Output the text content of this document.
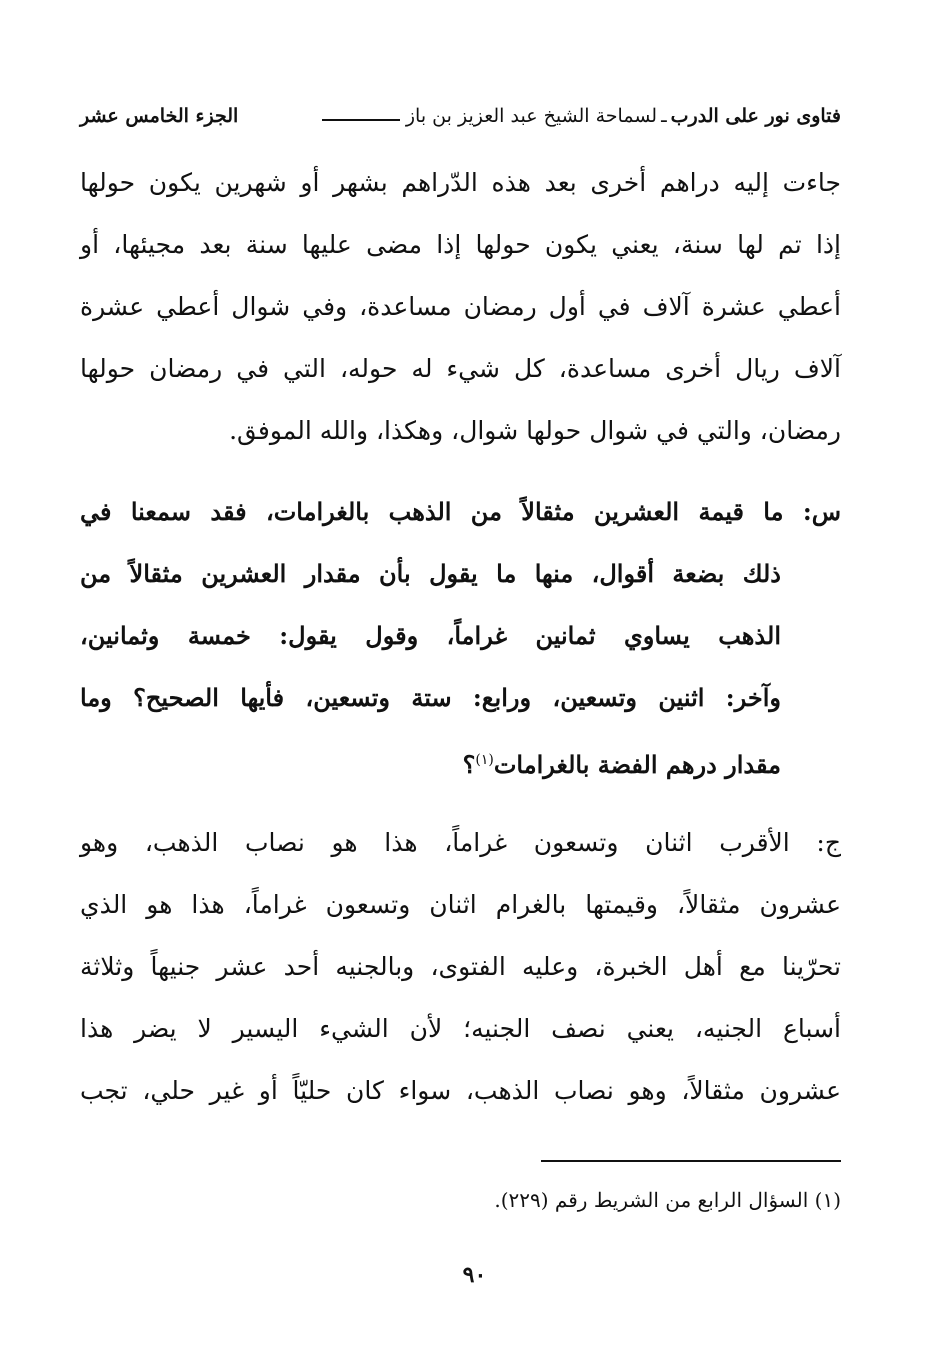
فتاوى نور على الدرب
ـ
لسماحة الشيخ عبد العزيز بن باز
الجزء الخامس عشر
جاءت إليه دراهم أخرى بعد هذه الدّراهم بشهر أو شهرين يكون حولها
إذا تم لها سنة، يعني يكون حولها إذا مضى عليها سنة بعد مجيئها، أو
أعطي عشرة آلاف في أول رمضان مساعدة، وفي شوال أعطي عشرة
آلاف ريال أخرى مساعدة، كل شيء له حوله، التي في رمضان حولها
رمضان، والتي في شوال حولها شوال، وهكذا، والله الموفق.
س: ما قيمة العشرين مثقالاً من الذهب بالغرامات، فقد سمعنا في
ذلك بضعة أقوال، منها ما يقول بأن مقدار العشرين مثقالاً من
الذهب يساوي ثمانين غراماً، وقول يقول: خمسة وثمانين،
وآخر: اثنين وتسعين، ورابع: ستة وتسعين، فأيها الصحيح؟ وما
مقدار درهم الفضة بالغرامات$^{(١)}$؟
ج: الأقرب اثنان وتسعون غراماً، هذا هو نصاب الذهب، وهو
عشرون مثقالاً، وقيمتها بالغرام اثنان وتسعون غراماً، هذا هو الذي
تحرّينا مع أهل الخبرة، وعليه الفتوى، وبالجنيه أحد عشر جنيهاً وثلاثة
أسباع الجنيه، يعني نصف الجنيه؛ لأن الشيء اليسير لا يضر هذا
عشرون مثقالاً، وهو نصاب الذهب، سواء كان حليّاً أو غير حلي، تجب
(١) السؤال الرابع من الشريط رقم (٢٢٩).
٩٠
